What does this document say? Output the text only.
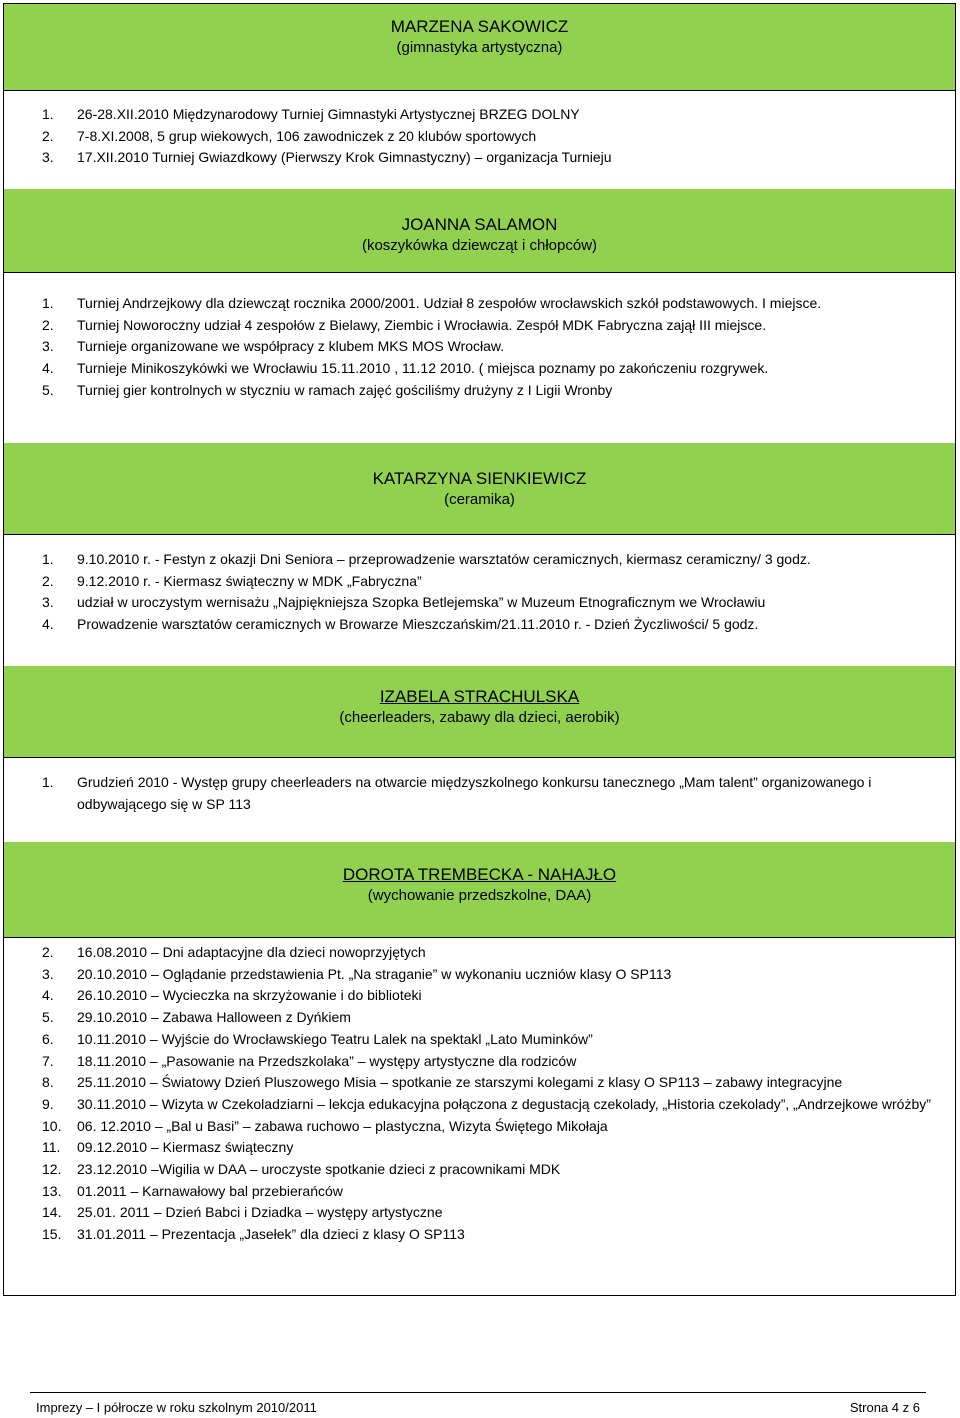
MARZENA SAKOWICZ
(gimnastyka artystyczna)
1.	26-28.XII.2010 Międzynarodowy Turniej Gimnastyki Artystycznej BRZEG DOLNY
2.	7-8.XI.2008, 5 grup wiekowych, 106 zawodniczek z 20 klubów sportowych
3.	17.XII.2010 Turniej Gwiazdkowy (Pierwszy Krok Gimnastyczny) – organizacja Turnieju
JOANNA SALAMON
(koszykówka dziewcząt i chłopców)
1.	Turniej Andrzejkowy dla dziewcząt rocznika 2000/2001. Udział 8 zespołów wrocławskich szkół podstawowych. I miejsce.
2.	Turniej Noworoczny udział 4 zespołów z Bielawy, Ziembic i Wrocławia. Zespół MDK Fabryczna zajął III miejsce.
3.	Turnieje organizowane we współpracy z klubem MKS MOS Wrocław.
4.	Turnieje Minikoszykówki we Wrocławiu 15.11.2010 , 11.12 2010. ( miejsca poznamy po zakończeniu rozgrywek.
5.	Turniej gier kontrolnych w styczniu w ramach zajęć gościliśmy drużyny z I Ligii Wronby
KATARZYNA SIENKIEWICZ
(ceramika)
1.	9.10.2010 r. - Festyn z okazji Dni Seniora – przeprowadzenie warsztatów ceramicznych, kiermasz ceramiczny/ 3 godz.
2.	9.12.2010 r. - Kiermasz świąteczny w MDK „Fabryczna”
3.	udział w uroczystym wernisażu „Najpiękniejsza Szopka Betlejemska” w Muzeum Etnograficznym we Wrocławiu
4.	Prowadzenie warsztatów ceramicznych w Browarze Mieszczańskim/21.11.2010 r. - Dzień Życzliwości/ 5 godz.
IZABELA STRACHULSKA
(cheerleaders, zabawy dla dzieci, aerobik)
1.	Grudzień 2010 - Występ grupy cheerleaders na otwarcie międzyszkolnego konkursu tanecznego „Mam talent” organizowanego i odbywającego się w SP 113
DOROTA TREMBECKA - NAHAJŁO
(wychowanie przedszkolne, DAA)
2.	16.08.2010 – Dni adaptacyjne dla dzieci nowoprzyjętych
3.	20.10.2010 – Oglądanie przedstawienia Pt. „Na straganie” w wykonaniu uczniów klasy O SP113
4.	26.10.2010 – Wycieczka na skrzyżowanie i do biblioteki
5.	29.10.2010 – Zabawa Halloween z Dyńkiem
6.	10.11.2010 – Wyjście do Wrocławskiego Teatru Lalek na spektakl „Lato Muminków”
7.	18.11.2010 – „Pasowanie na Przedszkolaka” – występy artystyczne dla rodziców
8.	25.11.2010 – Światowy Dzień Pluszowego Misia – spotkanie ze starszymi kolegami z klasy O SP113 – zabawy integracyjne
9.	30.11.2010 – Wizyta w Czekoladziarni – lekcja edukacyjna połączona z degustacją czekolady, „Historia czekolady”, „Andrzejkowe wróżby”
10.	06. 12.2010 – „Bal u Basi” – zabawa ruchowo – plastyczna, Wizyta Świętego Mikołaja
11.	09.12.2010 – Kiermasz świąteczny
12.	23.12.2010 –Wigilia w DAA – uroczyste spotkanie dzieci z pracownikami MDK
13.	01.2011 – Karnawałowy bal przebierańców
14.	25.01. 2011 – Dzień Babci i Dziadka – występy artystyczne
15.	31.01.2011 – Prezentacja „Jasełek” dla dzieci z klasy O SP113
Imprezy – I półrocze w roku szkolnym 2010/2011	Strona 4 z 6
